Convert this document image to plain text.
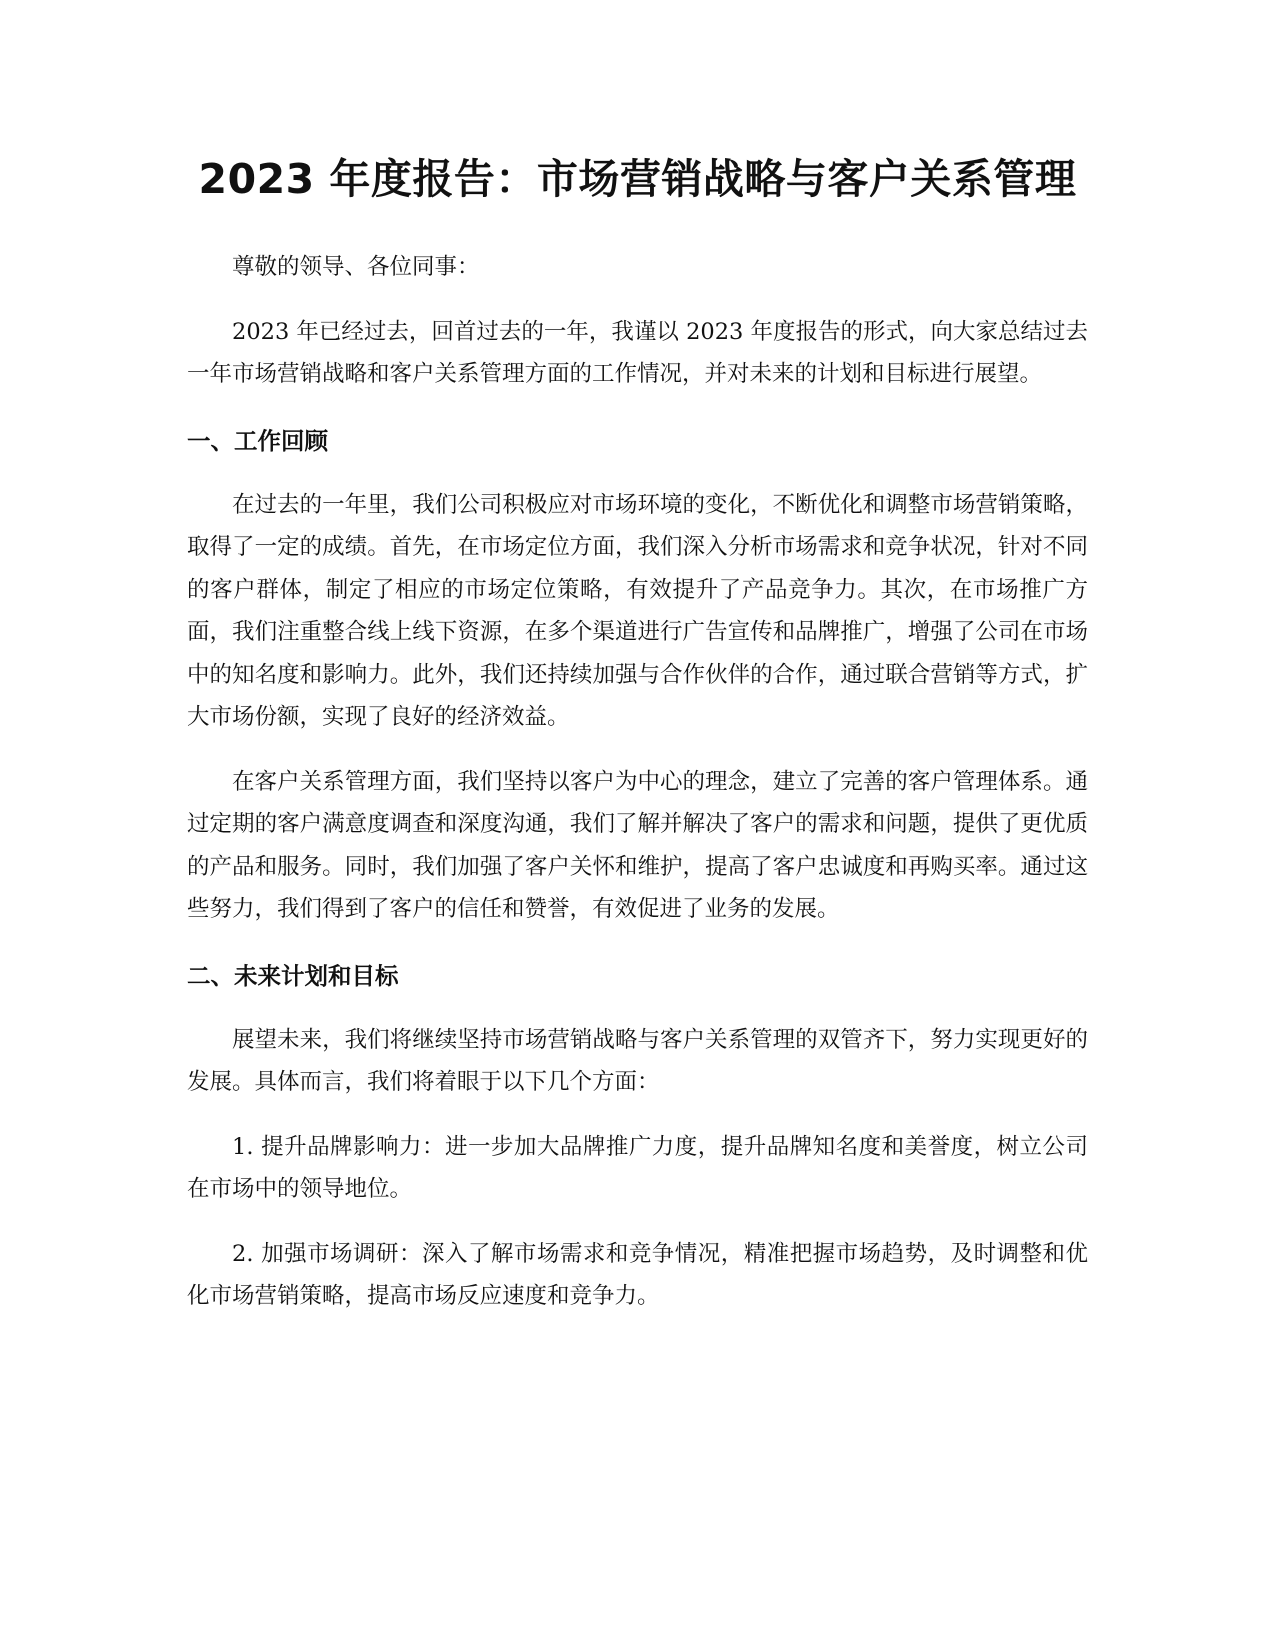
2023 年度报告：市场营销战略与客户关系管理

尊敬的领导、各位同事：

2023 年已经过去，回首过去的一年，我谨以 2023 年度报告的形式，向大家总结过去一年市场营销战略和客户关系管理方面的工作情况，并对未来的计划和目标进行展望。

一、工作回顾

在过去的一年里，我们公司积极应对市场环境的变化，不断优化和调整市场营销策略，取得了一定的成绩。首先，在市场定位方面，我们深入分析市场需求和竞争状况，针对不同的客户群体，制定了相应的市场定位策略，有效提升了产品竞争力。其次，在市场推广方面，我们注重整合线上线下资源，在多个渠道进行广告宣传和品牌推广，增强了公司在市场中的知名度和影响力。此外，我们还持续加强与合作伙伴的合作，通过联合营销等方式，扩大市场份额，实现了良好的经济效益。

在客户关系管理方面，我们坚持以客户为中心的理念，建立了完善的客户管理体系。通过定期的客户满意度调查和深度沟通，我们了解并解决了客户的需求和问题，提供了更优质的产品和服务。同时，我们加强了客户关怀和维护，提高了客户忠诚度和再购买率。通过这些努力，我们得到了客户的信任和赞誉，有效促进了业务的发展。

二、未来计划和目标

展望未来，我们将继续坚持市场营销战略与客户关系管理的双管齐下，努力实现更好的发展。具体而言，我们将着眼于以下几个方面：

1. 提升品牌影响力：进一步加大品牌推广力度，提升品牌知名度和美誉度，树立公司在市场中的领导地位。

2. 加强市场调研：深入了解市场需求和竞争情况，精准把握市场趋势，及时调整和优化市场营销策略，提高市场反应速度和竞争力。
